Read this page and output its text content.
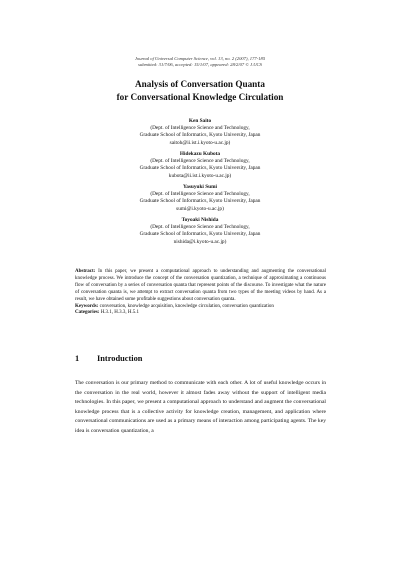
Journal of Universal Computer Science, vol. 13, no. 2 (2007), 177-185
submitted: 31/7/06, accepted: 15/1/07, appeared: 28/2/07 © J.UCS
Analysis of Conversation Quanta
for Conversational Knowledge Circulation
Ken Saito
(Dept. of Intelligence Science and Technology,
Graduate School of Informatics, Kyoto University, Japan
saitoh@ii.ist.i.kyoto-u.ac.jp)
Hidekazu Kubota
(Dept. of Intelligence Science and Technology,
Graduate School of Informatics, Kyoto University, Japan
kubota@ii.ist.i.kyoto-u.ac.jp)
Yasuyuki Sumi
(Dept. of Intelligence Science and Technology,
Graduate School of Informatics, Kyoto University, Japan
sumi@i.kyoto-u.ac.jp)
Toyoaki Nishida
(Dept. of Intelligence Science and Technology,
Graduate School of Informatics, Kyoto University, Japan
nishida@i.kyoto-u.ac.jp)

Abstract: In this paper, we present a computational approach to understanding and augmenting the conversational knowledge process. We introduce the concept of the conversation quantization, a technique of approximating a continuous flow of conversation by a series of conversation quanta that represent points of the discourse. To investigate what the nature of conversation quanta is, we attempt to extract conversation quanta from two types of the meeting videos by hand. As a result, we have obtained some profitable suggestions about conversation quanta.

Keywords: conversation, knowledge acquisition, knowledge circulation, conversation quantization

Categories: H.3.1, H.3.3, H.5.1

1 Introduction

The conversation is our primary method to communicate with each other. A lot of useful knowledge occurs in the conversation in the real world, however it almost fades away without the support of intelligent media technologies. In this paper, we present a computational approach to understand and augment the conversational knowledge process that is a collective activity for knowledge creation, management, and application where conversational communications are used as a primary means of interaction among participating agents. The key idea is conversation quantization, a
